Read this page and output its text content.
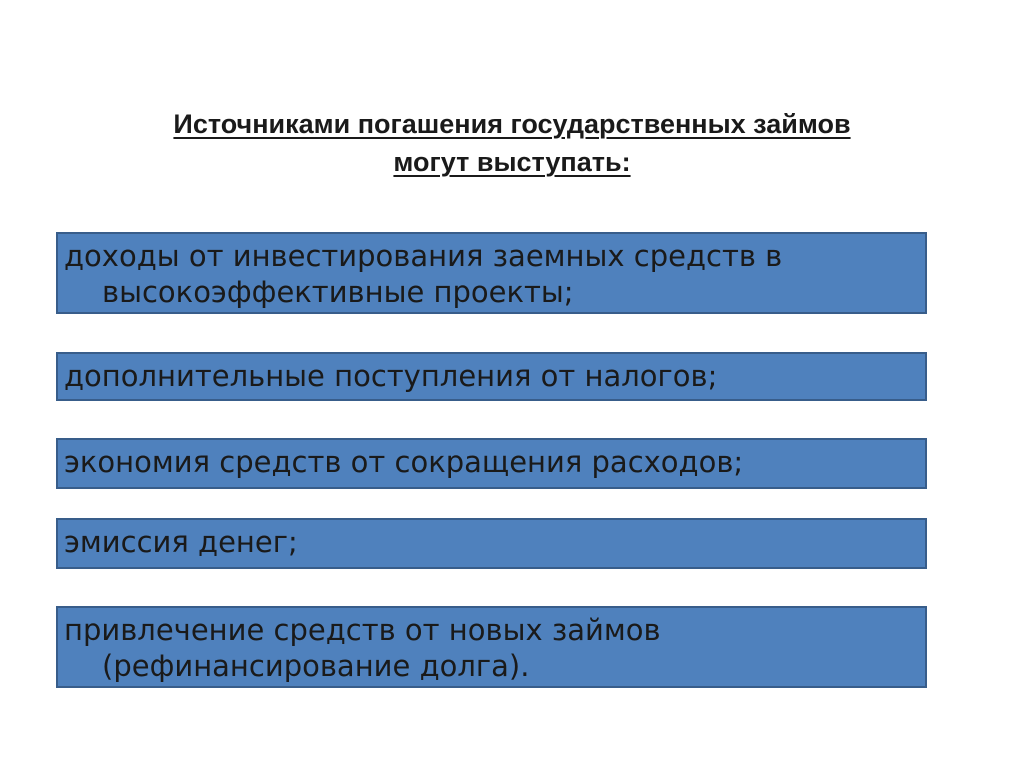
Источниками погашения государственных займов
могут выступать:
доходы от инвестирования заемных средств в
высокоэффективные проекты;
дополнительные поступления от налогов;
экономия средств от сокращения расходов;
эмиссия денег;
привлечение средств от новых займов
(рефинансирование долга).
